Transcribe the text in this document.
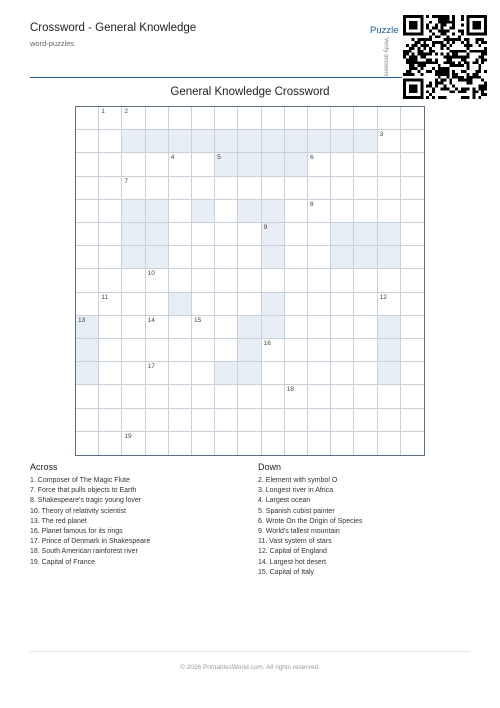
Crossword - General Knowledge
word-puzzles
Puzzle
Verify answers
General Knowledge Crossword
1	2
3
4	5	6
7
8
9
10
11	12
13	14	15
16
17
18
19
Across
1. Composer of The Magic Flute
7. Force that pulls objects to Earth
8. Shakespeare's tragic young lover
10. Theory of relativity scientist
13. The red planet
16. Planet famous for its rings
17. Prince of Denmark in Shakespeare
18. South American rainforest river
19. Capital of France
Down
2. Element with symbol O
3. Longest river in Africa
4. Largest ocean
5. Spanish cubist painter
6. Wrote On the Origin of Species
9. World's tallest mountain
11. Vast system of stars
12. Capital of England
14. Largest hot desert
15. Capital of Italy
© 2026 PrintablesWorld.com. All rights reserved.
